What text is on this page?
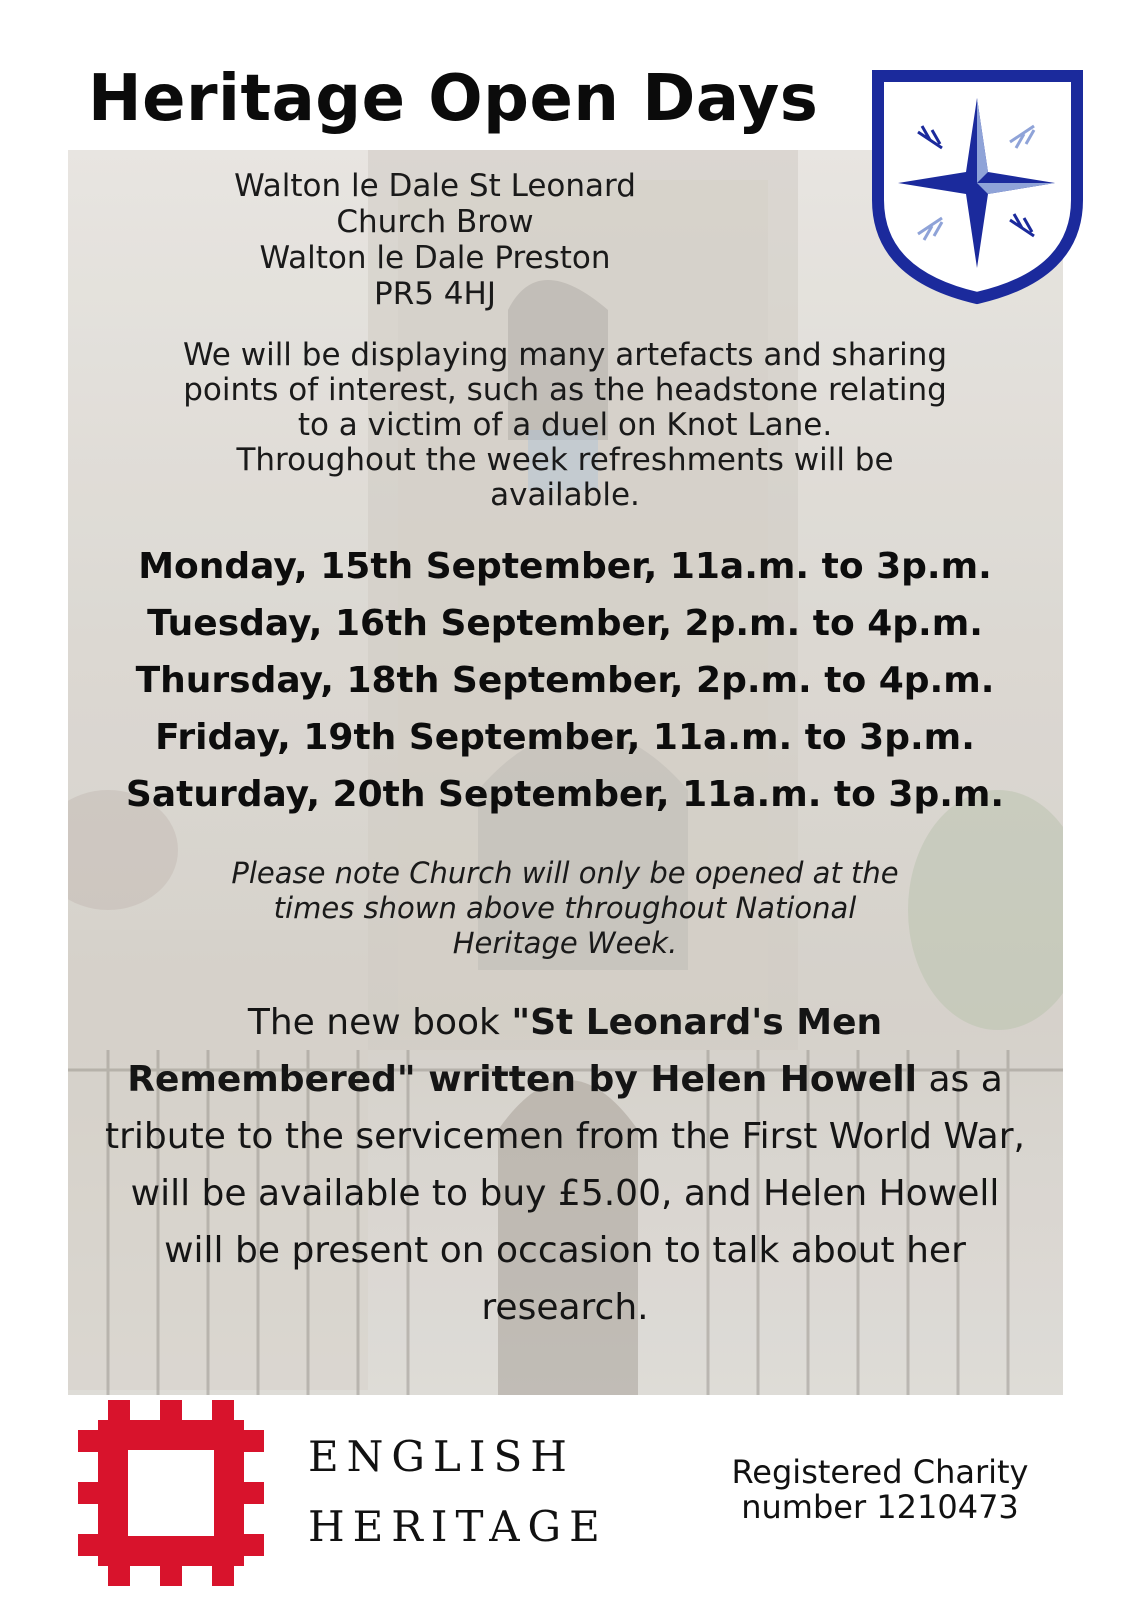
Heritage Open Days
Walton le Dale St Leonard
Church Brow
Walton le Dale Preston
PR5 4HJ
We will be displaying many artefacts and sharing
points of interest, such as the headstone relating
to a victim of a duel on Knot Lane.
Throughout the week refreshments will be
available.
Monday, 15th September, 11a.m. to 3p.m.
Tuesday, 16th September, 2p.m. to 4p.m.
Thursday, 18th September, 2p.m. to 4p.m.
Friday, 19th September, 11a.m. to 3p.m.
Saturday, 20th September, 11a.m. to 3p.m.
Please note Church will only be opened at the
times shown above throughout National
Heritage Week.
The new book "St Leonard's Men Remembered" written by Helen Howell as a tribute to the servicemen from the First World War, will be available to buy £5.00, and Helen Howell will be present on occasion to talk about her research.
ENGLISH
HERITAGE
Registered Charity
number 1210473
